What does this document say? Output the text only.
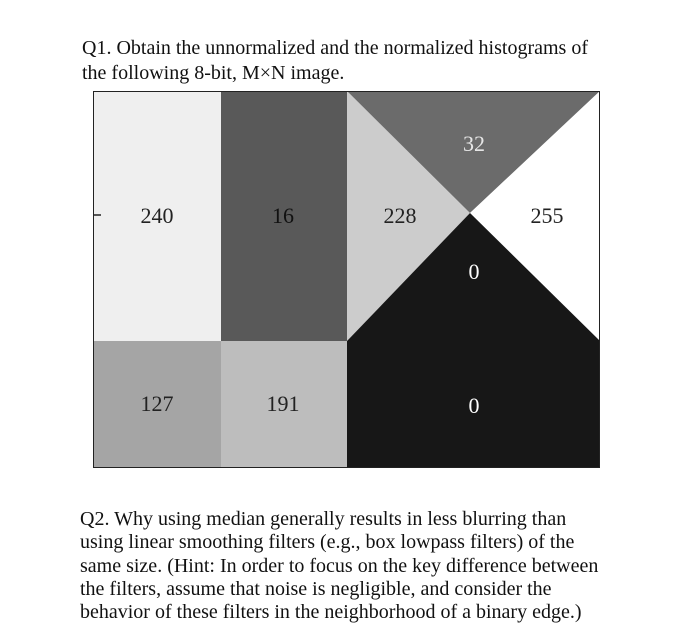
Q1. Obtain the unnormalized and the normalized histograms of
the following 8-bit, M×N image.
240	16	228
32
255
0
127	191	0
Q2. Why using median generally results in less blurring than
using linear smoothing filters (e.g., box lowpass filters) of the
same size. (Hint: In order to focus on the key difference between
the filters, assume that noise is negligible, and consider the
behavior of these filters in the neighborhood of a binary edge.)
